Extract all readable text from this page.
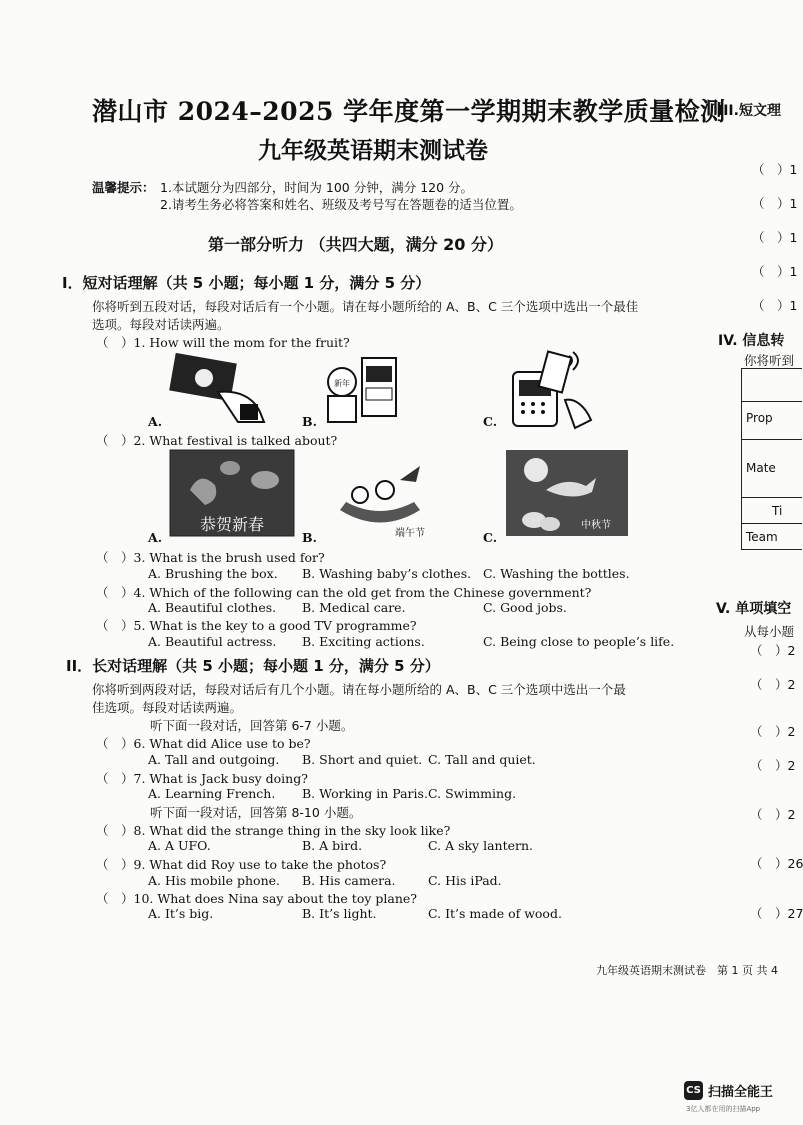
潜山市 2024–2025 学年度第一学期期末教学质量检测
九年级英语期末测试卷
温馨提示： 1.本试题分为四部分，时间为 100 分钟，满分 120 分。
2.请考生务必将答案和姓名、班级及考号写在答题卷的适当位置。
第一部分听力 （共四大题，满分 20 分）
I．短对话理解（共 5 小题；每小题 1 分，满分 5 分）
你将听到五段对话，每段对话后有一个小题。请在每小题所给的 A、B、C 三个选项中选出一个最佳
选项。每段对话读两遍。
（　）1. How will the mom for the fruit?
新年
A.	B.	C.
（　）2. What festival is talked about?
恭贺新春	端午节
中秋节
A.	B.	C.
（　）3. What is the brush used for?
A. Brushing the box. B. Washing baby’s clothes. C. Washing the bottles.
（　）4. Which of the following can the old get from the Chinese government?
A. Beautiful clothes. B. Medical care.	C. Good jobs.
（　）5. What is the key to a good TV programme?
A. Beautiful actress. B. Exciting actions.	C. Being close to people’s life.
II．长对话理解（共 5 小题；每小题 1 分，满分 5 分）
你将听到两段对话，每段对话后有几个小题。请在每小题所给的 A、B、C 三个选项中选出一个最
佳选项。每段对话读两遍。
听下面一段对话，回答第 6-7 小题。
（　）6. What did Alice use to be?
A. Tall and outgoing. B. Short and quiet. C. Tall and quiet.
（　）7. What is Jack busy doing?
A. Learning French. B. Working in Paris. C. Swimming.
听下面一段对话，回答第 8-10 小题。
（　）8. What did the strange thing in the sky look like?
A. A UFO.	B. A bird.	C. A sky lantern.
（　）9. What did Roy use to take the photos?
A. His mobile phone. B. His camera.	C. His iPad.
（　）10. What does Nina say about the toy plane?
A. It’s big.	B. It’s light.	C. It’s made of wood.
九年级英语期末测试卷　第 1 页 共 4
III.短文理
（　）1
（　）1
（　）1
（　）1
（　）1
IV. 信息转
你将听到
Prop
Mate
Ti
Team
V. 单项填空
从每小题
（　）2
（　）2
（　）2
（　）2
（　）2
（　）26
（　）27
CS 扫描全能王
3亿人都在用的扫描App
